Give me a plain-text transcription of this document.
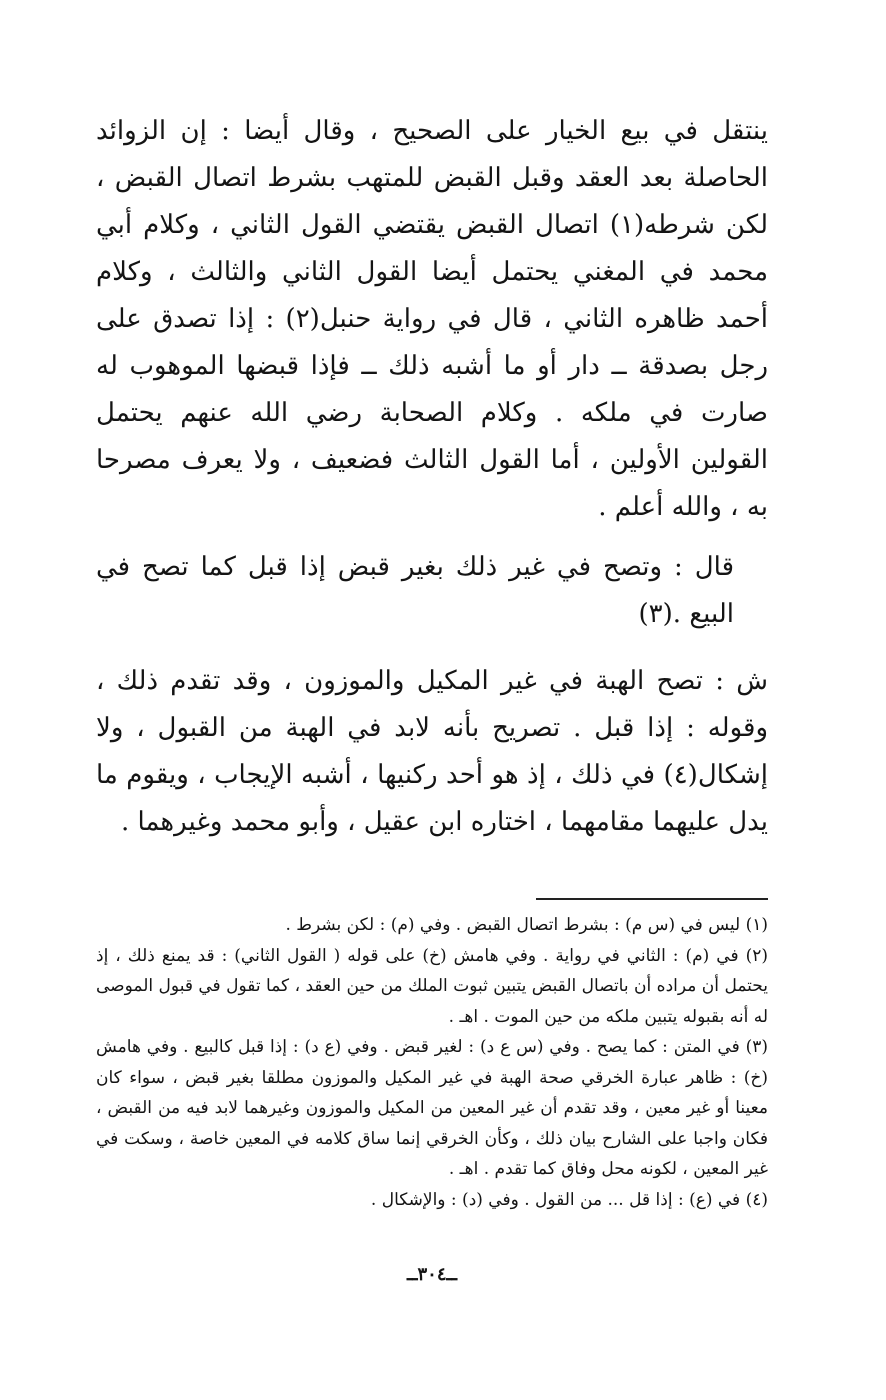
ينتقل في بيع الخيار على الصحيح ، وقال أيضا : إن الزوائد الحاصلة بعد العقد وقبل القبض للمتهب بشرط اتصال القبض ، لكن شرطه(١) اتصال القبض يقتضي القول الثاني ، وكلام أبي محمد في المغني يحتمل أيضا القول الثاني والثالث ، وكلام أحمد ظاهره الثاني ، قال في رواية حنبل(٢) : إذا تصدق على رجل بصدقة ــ دار أو ما أشبه ذلك ــ فإذا قبضها الموهوب له صارت في ملكه . وكلام الصحابة رضي الله عنهم يحتمل القولين الأولين ، أما القول الثالث فضعيف ، ولا يعرف مصرحا به ، والله أعلم .

قال : وتصح في غير ذلك بغير قبض إذا قبل كما تصح في البيع .(٣)

ش : تصح الهبة في غير المكيل والموزون ، وقد تقدم ذلك ، وقوله : إذا قبل . تصريح بأنه لابد في الهبة من القبول ، ولا إشكال(٤) في ذلك ، إذ هو أحد ركنيها ، أشبه الإيجاب ، ويقوم ما يدل عليهما مقامهما ، اختاره ابن عقيل ، وأبو محمد وغيرهما .

(١) ليس في (س م) : بشرط اتصال القبض . وفي (م) : لكن بشرط .

(٢) في (م) : الثاني في رواية . وفي هامش (خ) على قوله ( القول الثاني) : قد يمنع ذلك ، إذ يحتمل أن مراده أن باتصال القبض يتبين ثبوت الملك من حين العقد ، كما تقول في قبول الموصى له أنه بقبوله يتبين ملكه من حين الموت . اهـ .

(٣) في المتن : كما يصح . وفي (س ع د) : لغير قبض . وفي (ع د) : إذا قبل كالبيع . وفي هامش (خ) : ظاهر عبارة الخرقي صحة الهبة في غير المكيل والموزون مطلقا بغير قبض ، سواء كان معينا أو غير معين ، وقد تقدم أن غير المعين من المكيل والموزون وغيرهما لابد فيه من القبض ، فكان واجبا على الشارح بيان ذلك ، وكأن الخرقي إنما ساق كلامه في المعين خاصة ، وسكت في غير المعين ، لكونه محل وفاق كما تقدم . اهـ .

(٤) في (ع) : إذا قل ... من القول . وفي (د) : والإشكال .

ــ٣٠٤ــ
